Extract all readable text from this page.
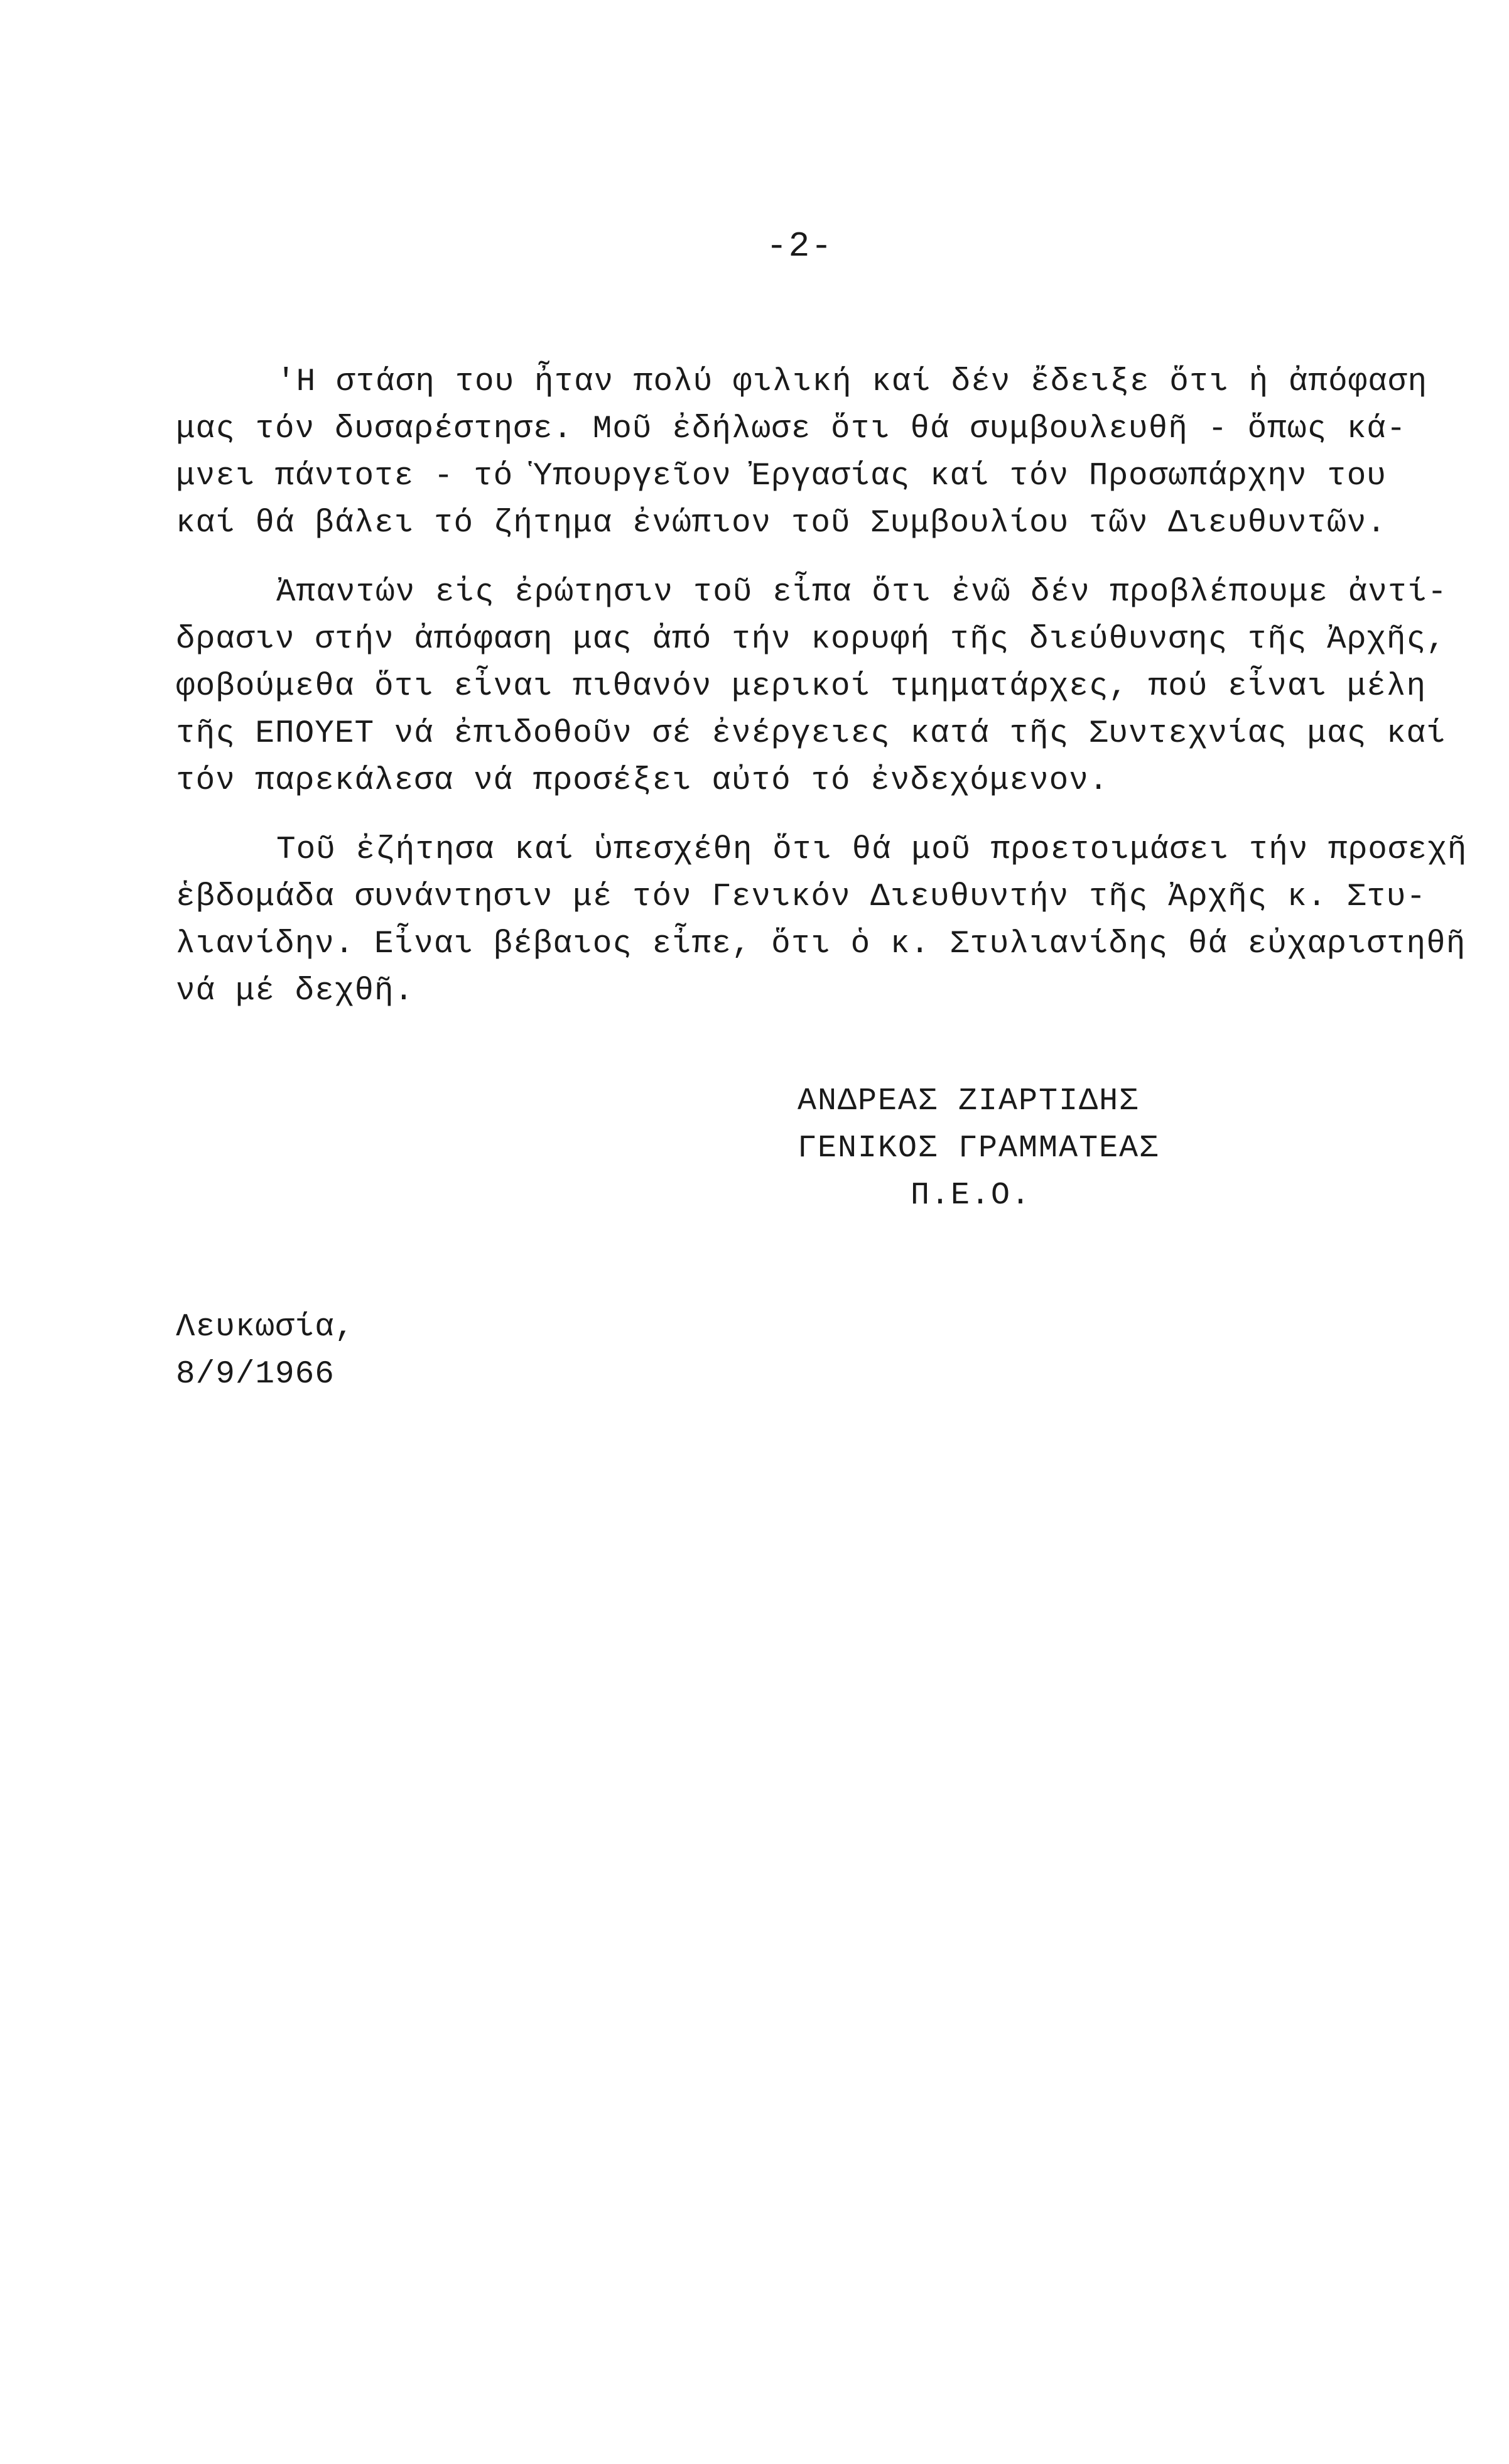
-2-
'Η στάση του ἦταν πολύ φιλική καί δέν ἔδειξε ὅτι ἡ ἀπόφαση
μας τόν δυσαρέστησε. Μοῦ ἐδήλωσε ὅτι θά συμβουλευθῆ - ὅπως κά-
μνει πάντοτε - τό Ὑπουργεῖον Ἐργασίας καί τόν Προσωπάρχην του
καί θά βάλει τό ζήτημα ἐνώπιον τοῦ Συμβουλίου τῶν Διευθυντῶν.
Ἀπαντών εἰς ἐρώτησιν τοῦ εἶπα ὅτι ἐνῶ δέν προβλέπουμε ἀντί-
δρασιν στήν ἀπόφαση μας ἀπό τήν κορυφή τῆς διεύθυνσης τῆς Ἀρχῆς,
φοβούμεθα ὅτι εἶναι πιθανόν μερικοί τμηματάρχες, πού εἶναι μέλη
τῆς ΕΠΟΥΕΤ νά ἐπιδοθοῦν σέ ἐνέργειες κατά τῆς Συντεχνίας μας καί
τόν παρεκάλεσα νά προσέξει αὐτό τό ἐνδεχόμενον.
Τοῦ ἐζήτησα καί ὑπεσχέθη ὅτι θά μοῦ προετοιμάσει τήν προσεχῆ
ἑβδομάδα συνάντησιν μέ τόν Γενικόν Διευθυντήν τῆς Ἀρχῆς κ. Στυ-
λιανίδην. Εἶναι βέβαιος εἶπε, ὅτι ὁ κ. Στυλιανίδης θά εὐχαριστηθῆ
νά μέ δεχθῆ.
ΑΝΔΡΕΑΣ ΖΙΑΡΤΙΔΗΣ
ΓΕΝΙΚΟΣ ΓΡΑΜΜΑΤΕΑΣ
Π.Ε.Ο.
Λευκωσία,
8/9/1966
